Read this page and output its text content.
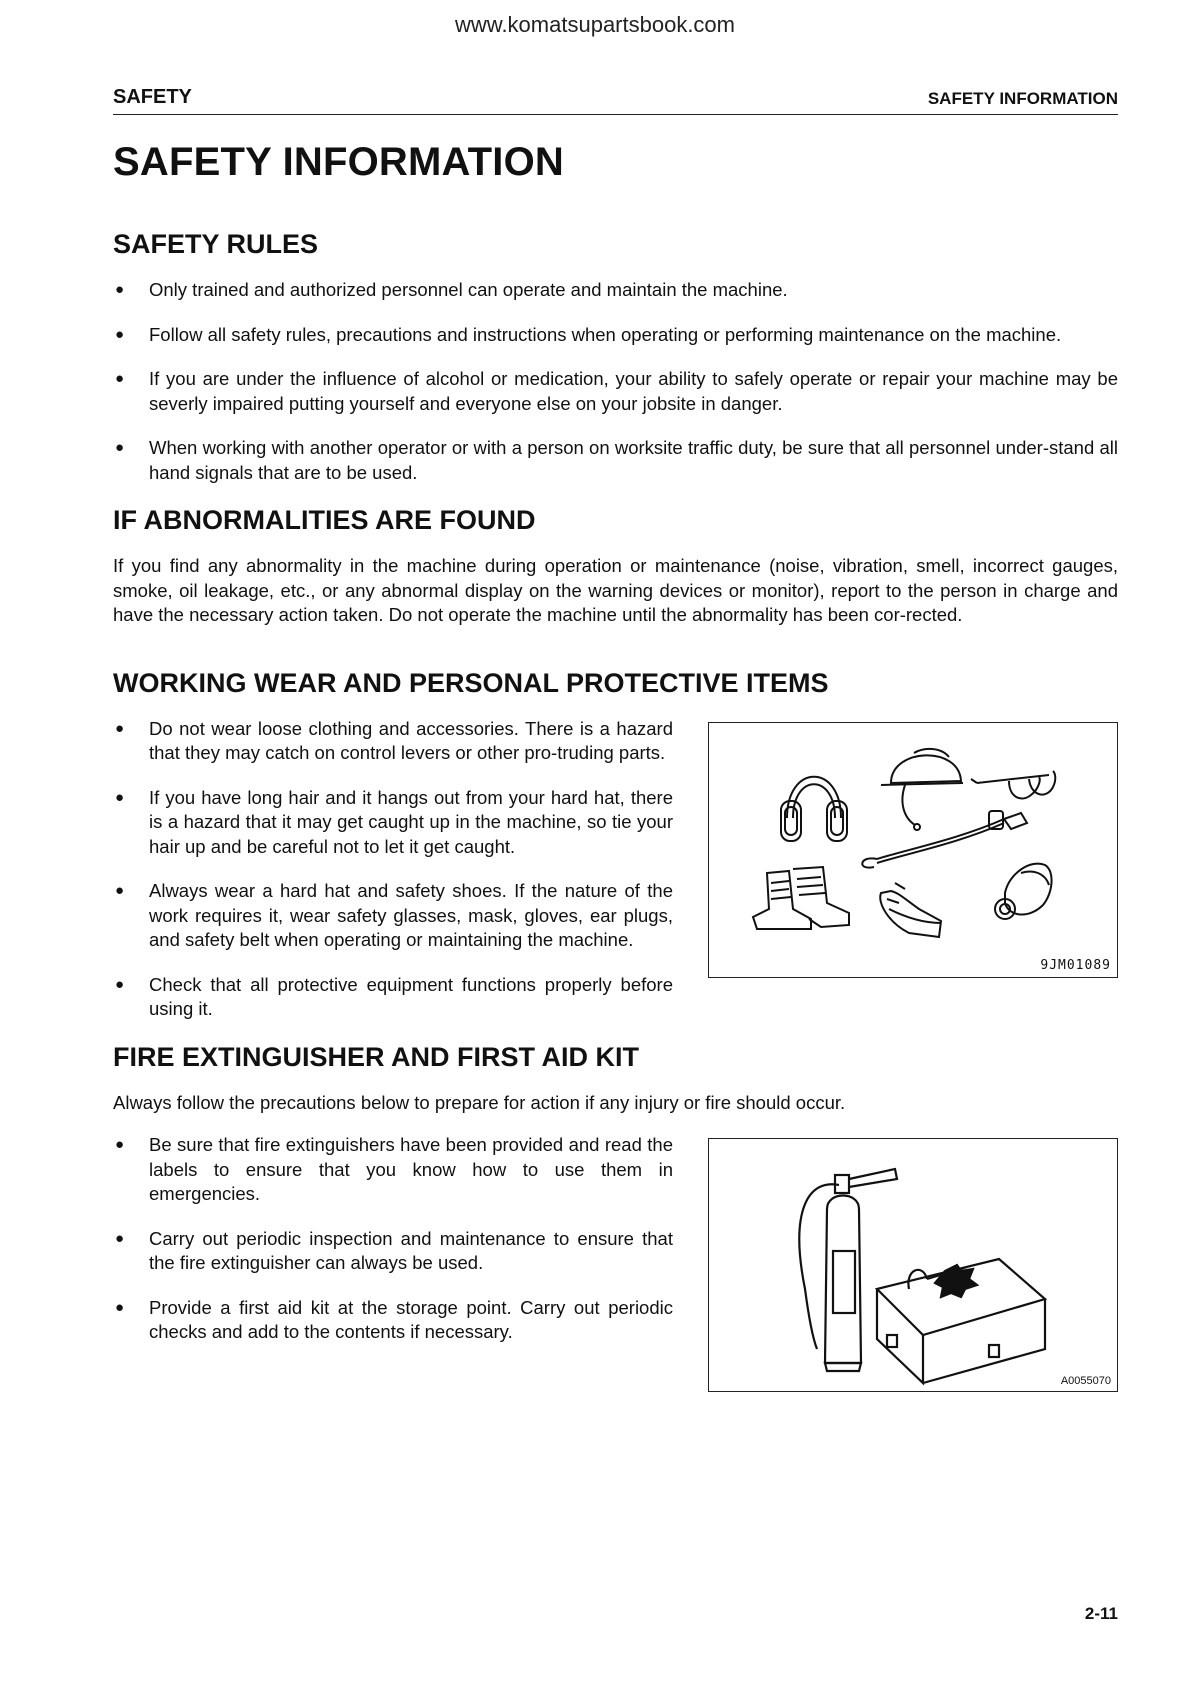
www.komatsupartsbook.com
SAFETY	SAFETY INFORMATION
SAFETY INFORMATION
SAFETY RULES
● Only trained and authorized personnel can operate and maintain the machine.
● Follow all safety rules, precautions and instructions when operating or performing maintenance on the machine.
● If you are under the influence of alcohol or medication, your ability to safely operate or repair your machine may be severly impaired putting yourself and everyone else on your jobsite in danger.
● When working with another operator or with a person on worksite traffic duty, be sure that all personnel under-stand all hand signals that are to be used.
IF ABNORMALITIES ARE FOUND

If you find any abnormality in the machine during operation or maintenance (noise, vibration, smell, incorrect gauges, smoke, oil leakage, etc., or any abnormal display on the warning devices or monitor), report to the person in charge and have the necessary action taken. Do not operate the machine until the abnormality has been cor-rected.

WORKING WEAR AND PERSONAL PROTECTIVE ITEMS
● Do not wear loose clothing and accessories. There is a hazard that they may catch on control levers or other pro-truding parts.
● If you have long hair and it hangs out from your hard hat, there is a hazard that it may get caught up in the machine, so tie your hair up and be careful not to let it get caught.
● Always wear a hard hat and safety shoes. If the nature of the work requires it, wear safety glasses, mask, gloves, ear plugs, and safety belt when operating or maintaining the machine.
● Check that all protective equipment functions properly before using it.
9JM01089
FIRE EXTINGUISHER AND FIRST AID KIT

Always follow the precautions below to prepare for action if any injury or fire should occur.

● Be sure that fire extinguishers have been provided and read the labels to ensure that you know how to use them in emergencies.
● Carry out periodic inspection and maintenance to ensure that the fire extinguisher can always be used.
● Provide a first aid kit at the storage point. Carry out periodic checks and add to the contents if necessary.
A0055070
2-11
